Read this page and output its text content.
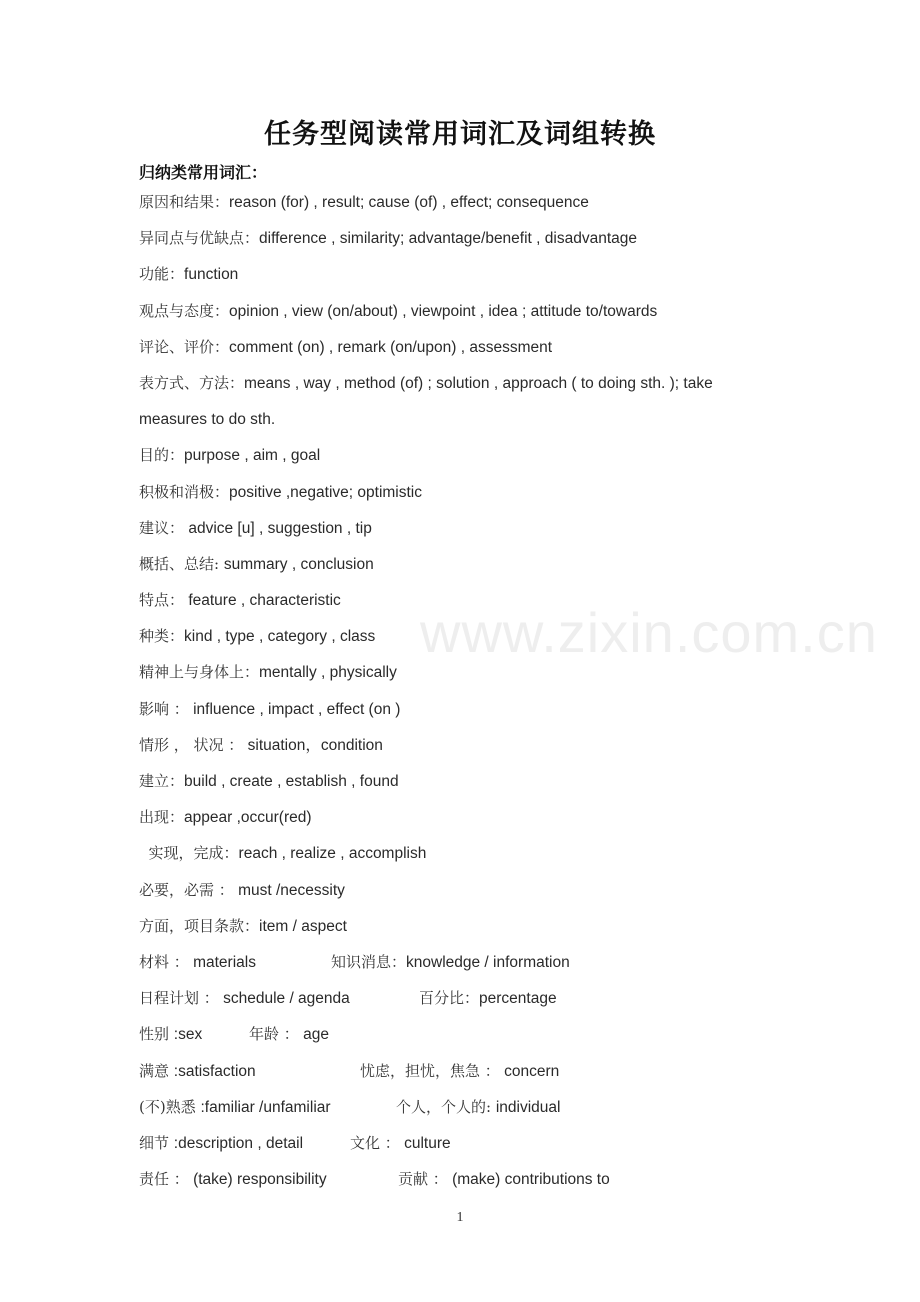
任务型阅读常用词汇及词组转换
归纳类常用词汇：
原因和结果：reason (for) , result; cause (of) , effect; consequence
异同点与优缺点：difference , similarity; advantage/benefit , disadvantage
功能：function
观点与态度：opinion , view (on/about) , viewpoint , idea ; attitude to/towards
评论、评价：comment (on) , remark (on/upon) , assessment
表方式、方法：means , way , method (of) ; solution , approach ( to doing sth. ); take
measures to do sth.
目的：purpose , aim , goal
积极和消极：positive ,negative; optimistic
建议： advice [u] , suggestion , tip
概括、总结: summary , conclusion
特点： feature , characteristic
种类：kind , type , category , class
精神上与身体上：mentally , physically
影响 ： influence , impact , effect (on )
情形 ， 状况 ： situation，condition
建立：build , create , establish , found
出现：appear ,occur(red)
实现，完成：reach , realize , accomplish
必要，必需 ： must /necessity
方面，项目条款：item / aspect
材料 ： materials	知识消息：knowledge / information
日程计划 ： schedule / agenda	百分比：percentage
性别 :sex	年龄 ： age
满意 :satisfaction	忧虑，担忧，焦急 ： concern
(不)熟悉 :familiar /unfamiliar	个人，个人的: individual
细节 :description , detail	文化 ： culture
责任 ： (take) responsibility	贡献 ： (make) contributions to
www.zixin.com.cn
1
